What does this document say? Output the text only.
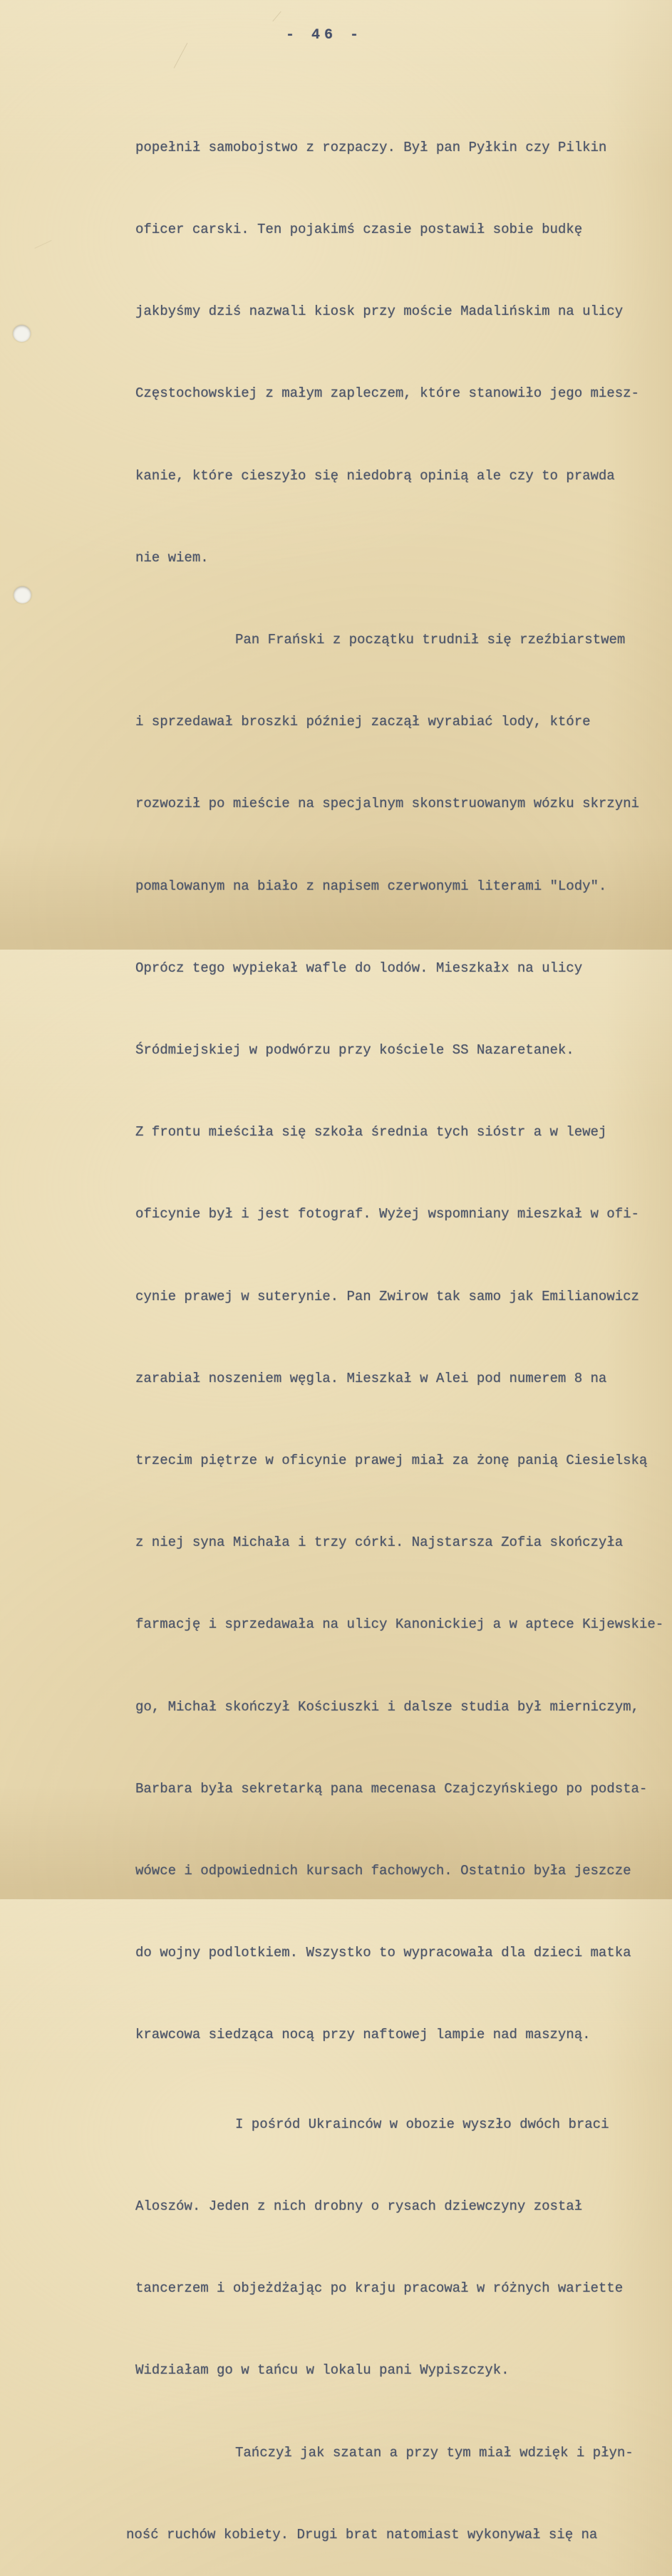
- 46 -

popełnił samobojstwo z rozpaczy. Był pan Pyłkin czy Pilkin

oficer carski. Ten pojakimś czasie postawił sobie budkę

jakbyśmy dziś nazwali kiosk przy moście Madalińskim na ulicy

Częstochowskiej z małym zapleczem, które stanowiło jego miesz-

kanie, które cieszyło się niedobrą opinią ale czy to prawda

nie wiem.

Pan Frański z początku trudnił się rzeźbiarstwem

i sprzedawał broszki później zaczął wyrabiać lody, które

rozwoził po mieście na specjalnym skonstruowanym wózku skrzyni

pomalowanym na biało z napisem czerwonymi literami "Lody".

Oprócz tego wypiekał wafle do lodów. Mieszkałx na ulicy

Śródmiejskiej w podwórzu przy kościele SS Nazaretanek.

Z frontu mieściła się szkoła średnia tych sióstr a w lewej

oficynie był i jest fotograf. Wyżej wspomniany mieszkał w ofi-

cynie prawej w suterynie. Pan Zwirow tak samo jak Emilianowicz

zarabiał noszeniem węgla. Mieszkał w Alei pod numerem 8 na

trzecim piętrze w oficynie prawej miał za żonę panią Ciesielską

z niej syna Michała i trzy córki. Najstarsza Zofia skończyła

farmację i sprzedawała na ulicy Kanonickiej a w aptece Kijewskie-

go, Michał skończył Kościuszki i dalsze studia był mierniczym,

Barbara była sekretarką pana mecenasa Czajczyńskiego po podsta-

wówce i odpowiednich kursach fachowych. Ostatnio była jeszcze

do wojny podlotkiem. Wszystko to wypracowała dla dzieci matka

krawcowa siedząca nocą przy naftowej lampie nad maszyną.

I pośród Ukrainców w obozie wyszło dwóch braci

Aloszów. Jeden z nich drobny o rysach dziewczyny został

tancerzem i objeżdżając po kraju pracował w różnych wariette

Widziałam go w tańcu w lokalu pani Wypiszczyk.

Tańczył jak szatan a przy tym miał wdzięk i płyn-

ność ruchów kobiety. Drugi brat natomiast wykonywał się na
